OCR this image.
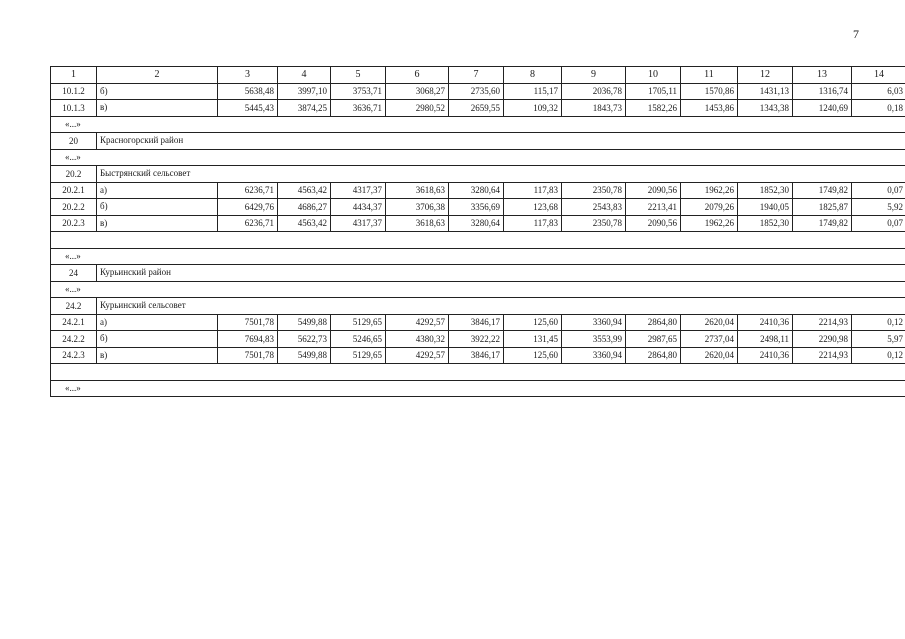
7
1	2	3	4	5	6	7	8	9	10	11	12	13	14
10.1.2	б)	5638,48	3997,10	3753,71	3068,27	2735,60	115,17	2036,78	1705,11	1570,86	1431,13	1316,74	6,03
10.1.3	в)	5445,43	3874,25	3636,71	2980,52	2659,55	109,32	1843,73	1582,26	1453,86	1343,38	1240,69	0,18
«...»													
20	Красногорский район												
«...»													
20.2	Быстрянский сельсовет												
20.2.1	а)	6236,71	4563,42	4317,37	3618,63	3280,64	117,83	2350,78	2090,56	1962,26	1852,30	1749,82	0,07
20.2.2	б)	6429,76	4686,27	4434,37	3706,38	3356,69	123,68	2543,83	2213,41	2079,26	1940,05	1825,87	5,92
20.2.3	в)	6236,71	4563,42	4317,37	3618,63	3280,64	117,83	2350,78	2090,56	1962,26	1852,30	1749,82	0,07

«...»													
24	Курьинский район												
«...»													
24.2	Курьинский сельсовет												
24.2.1	а)	7501,78	5499,88	5129,65	4292,57	3846,17	125,60	3360,94	2864,80	2620,04	2410,36	2214,93	0,12
24.2.2	б)	7694,83	5622,73	5246,65	4380,32	3922,22	131,45	3553,99	2987,65	2737,04	2498,11	2290,98	5,97
24.2.3	в)	7501,78	5499,88	5129,65	4292,57	3846,17	125,60	3360,94	2864,80	2620,04	2410,36	2214,93	0,12

«...»													
